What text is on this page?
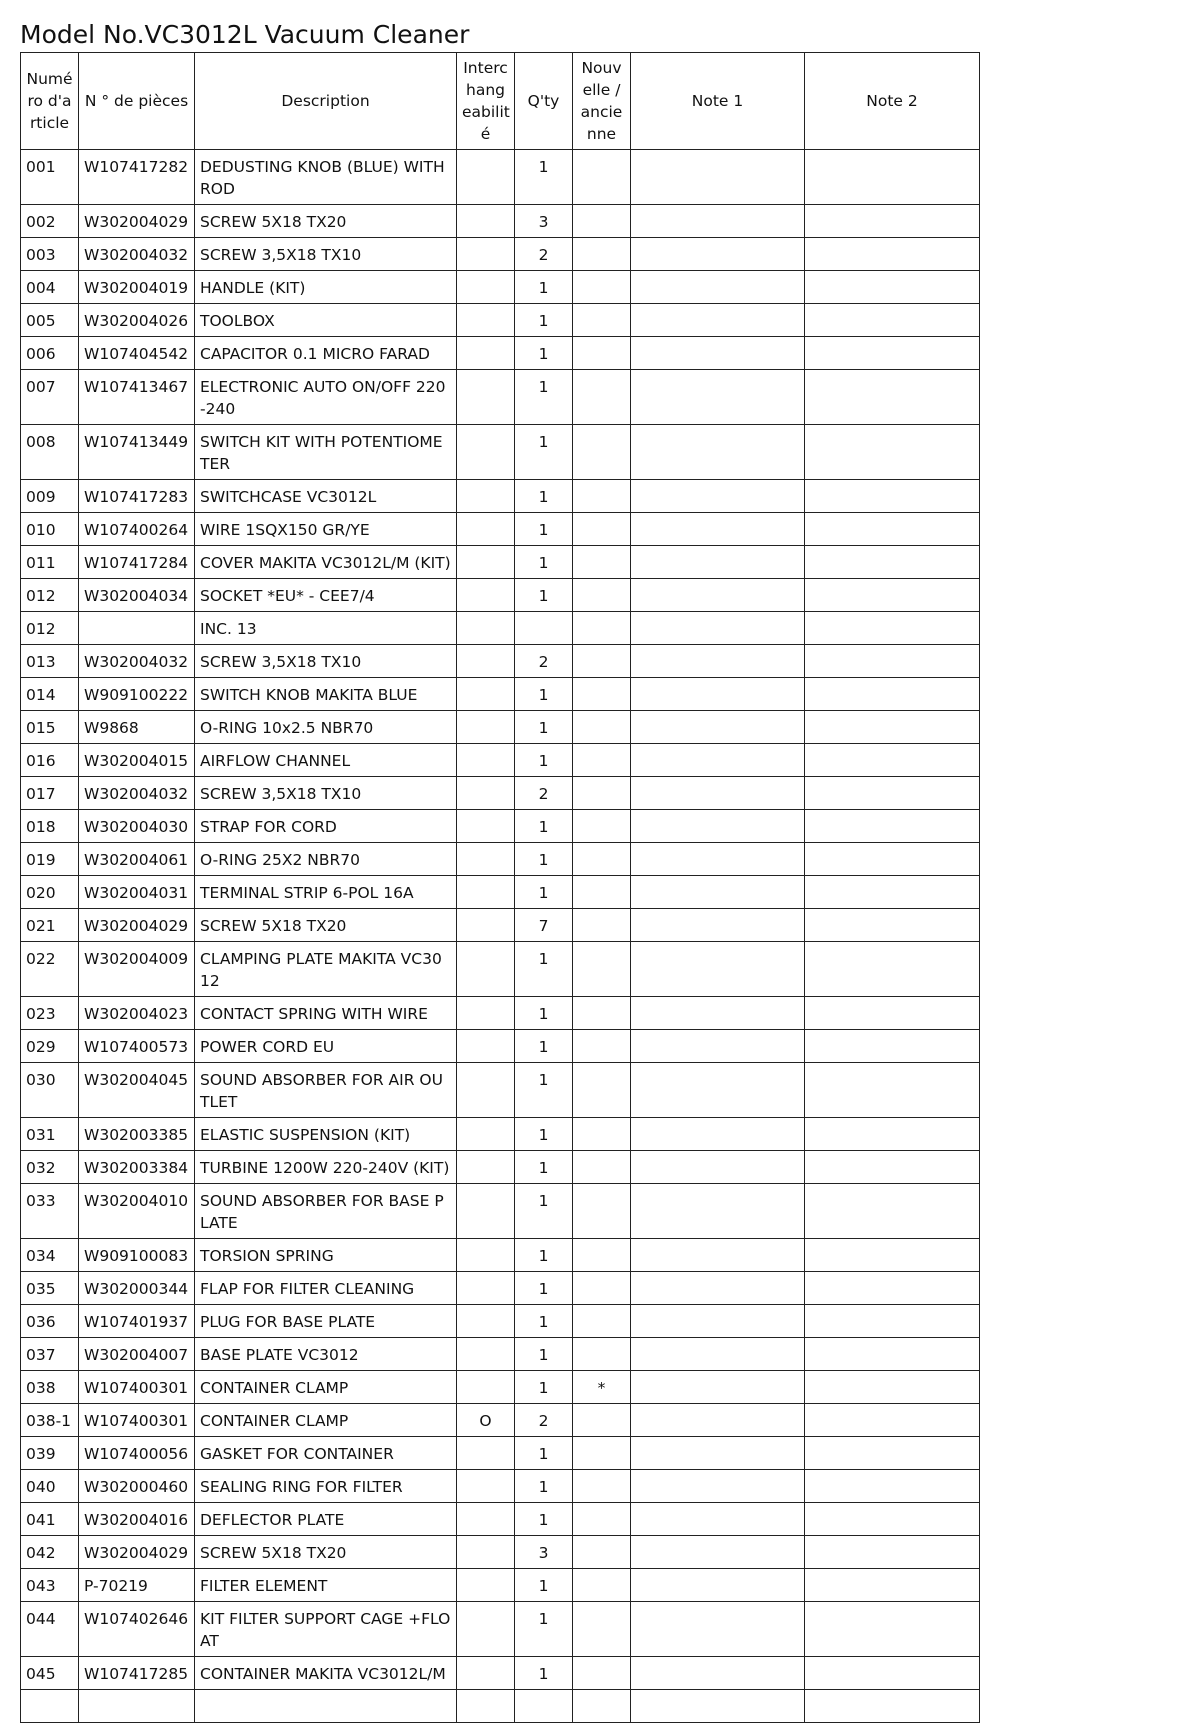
Model No.VC3012L Vacuum Cleaner
Numé ro d'a rticle	N ° de pièces	Description	Interc hang eabilit é	Q'ty	Nouv elle / ancie nne	Note 1	Note 2
001	W107417282	DEDUSTING KNOB (BLUE) WITH ROD		1			
002	W302004029	SCREW 5X18 TX20		3			
003	W302004032	SCREW 3,5X18 TX10		2			
004	W302004019	HANDLE (KIT)		1			
005	W302004026	TOOLBOX		1			
006	W107404542	CAPACITOR 0.1 MICRO FARAD		1			
007	W107413467	ELECTRONIC AUTO ON/OFF 220-240		1			
008	W107413449	SWITCH KIT WITH POTENTIOMETER		1			
009	W107417283	SWITCHCASE VC3012L		1			
010	W107400264	WIRE 1SQX150 GR/YE		1			
011	W107417284	COVER MAKITA VC3012L/M (KIT)		1			
012	W302004034	SOCKET *EU* - CEE7/4		1			
012		INC. 13					
013	W302004032	SCREW 3,5X18 TX10		2			
014	W909100222	SWITCH KNOB MAKITA BLUE		1			
015	W9868	O-RING 10x2.5 NBR70		1			
016	W302004015	AIRFLOW CHANNEL		1			
017	W302004032	SCREW 3,5X18 TX10		2			
018	W302004030	STRAP FOR CORD		1			
019	W302004061	O-RING 25X2 NBR70		1			
020	W302004031	TERMINAL STRIP 6-POL 16A		1			
021	W302004029	SCREW 5X18 TX20		7			
022	W302004009	CLAMPING PLATE MAKITA VC3012		1			
023	W302004023	CONTACT SPRING WITH WIRE		1			
029	W107400573	POWER CORD EU		1			
030	W302004045	SOUND ABSORBER FOR AIR OUTLET		1			
031	W302003385	ELASTIC SUSPENSION (KIT)		1			
032	W302003384	TURBINE 1200W 220-240V (KIT)		1			
033	W302004010	SOUND ABSORBER FOR BASE PLATE		1			
034	W909100083	TORSION SPRING		1			
035	W302000344	FLAP FOR FILTER CLEANING		1			
036	W107401937	PLUG FOR BASE PLATE		1			
037	W302004007	BASE PLATE VC3012		1			
038	W107400301	CONTAINER CLAMP		1	*		
038-1	W107400301	CONTAINER CLAMP	O	2			
039	W107400056	GASKET FOR CONTAINER		1			
040	W302000460	SEALING RING FOR FILTER		1			
041	W302004016	DEFLECTOR PLATE		1			
042	W302004029	SCREW 5X18 TX20		3			
043	P-70219	FILTER ELEMENT		1			
044	W107402646	KIT FILTER SUPPORT CAGE +FLOAT		1			
045	W107417285	CONTAINER MAKITA VC3012L/M		1			
